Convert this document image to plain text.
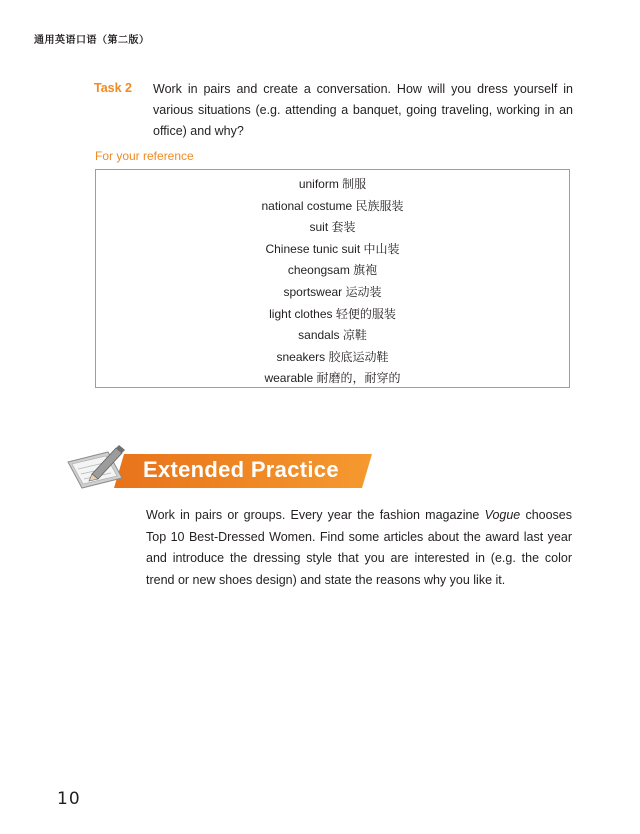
通用英语口语（第二版）
Task 2 Work in pairs and create a conversation. How will you dress yourself in various situations (e.g. attending a banquet, going traveling, working in an office) and why?
For your reference
uniform 制服
national costume 民族服装
suit 套装
Chinese tunic suit 中山装
cheongsam 旗袍
sportswear 运动装
light clothes 轻便的服装
sandals 凉鞋
sneakers 胶底运动鞋
wearable 耐磨的，耐穿的
Extended Practice
Work in pairs or groups. Every year the fashion magazine Vogue chooses Top 10 Best-Dressed Women. Find some articles about the award last year and introduce the dressing style that you are interested in (e.g. the color trend or new shoes design) and state the reasons why you like it.
10
